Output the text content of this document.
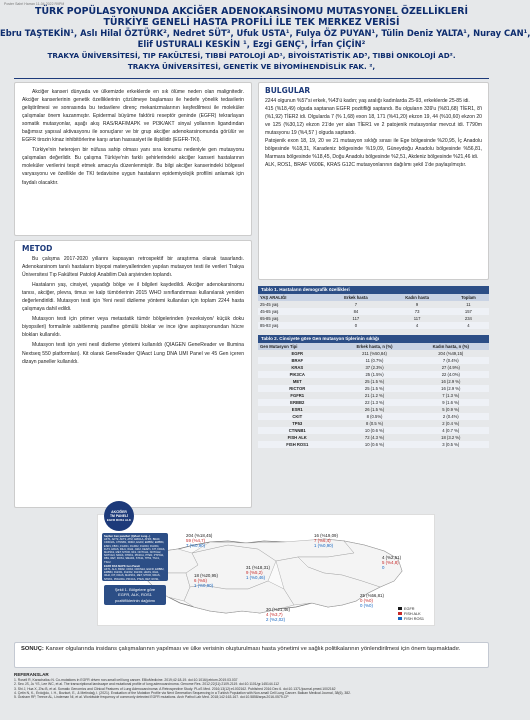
Poster Sabri Harran 11-04-2022 R9PM
TÜRK POPÜLASYONUNDA AKCİĞER ADENOKARSİNOMU MUTASYONEL ÖZELLİKLERİ
TÜRKİYE GENELİ HASTA PROFİLİ İLE TEK MERKEZ VERİSİ
Ebru TAŞTEKİN¹, Aslı Hilal ÖZTÜRK², Nedret SÜT³, Ufuk USTA¹, Fulya ÖZ PUYAN¹, Tülin Deniz YALTA¹, Nuray CAN¹,
Elif USTURALI KESKİN ¹, Ezgi GENÇ¹, İrfan ÇİÇİN²
TRAKYA ÜNİVERSİTESİ, TIP FAKÜLTESİ, TIBBİ PATOLOJİ AD¹, BİYOİSTATİSTİK AD³, TIBBİ ONKOLOJİ AD².
TRAKYA ÜNİVERSİTESİ, GENETİK VE BİYOMİHENDİSLİK FAK. ²,

Akciğer kanseri dünyada ve ülkemizde erkeklerde en sık ölüme neden olan malignitedir. Akciğer kanserlerinin genetik özelliklerinin çözülmeye başlaması ile hedefe yönelik tedavilerin geliştirilmesi ve sonrasında bu tedavilere direnç mekanizmalarının keşfedilmesi ile moleküler çalışmalar önem kazanmıştır. Epidermal büyüme faktörü reseptör geninde (EGFR) tekrarlayan somatik mutasyonlar, aşağı akış RAS/RAF/MAPK ve PI3K/AKT sinyal yollarının ligandından bağımsız yapısal aktivasyonu ile sonuçlanır ve bir grup akciğer adenokarsinomunda görülür ve EGFR tirozin kinaz inhibitörlerine karşı artan hassasiyet ile ilişkilidir (EGFR-TKI).

Türkiye'nin heterojen bir nüfusa sahip olması yanı sıra konumu nedeniyle gen mutasyonu çalışmaları değerlidir. Bu çalışma Türkiye'nin farklı şehirlerindeki akciğer kanseri hastalarının moleküler verilerini tespit etmek amacıyla düzenlenmiştir. Bu bilgi akciğer kanserindeki bölgesel varyasyonu ve özellikle de TKI tedavisine uygun hastaların epidemiyolojik profilini anlamak için faydalı olacaktır.

METOD

Bu çalışma 2017-2020 yıllarını kapsayan retrospektif bir araştırma olarak tasarlandı. Adenokarsinom tanılı hastaların biyopsi materyallerinden yapılan mutasyon testi ile verileri Trakya Üniversitesi Tıp Fakültesi Patoloji Anabilim Dalı arşivinden toplandı.

Hastaların yaş, cinsiyet, yaşadığı bölge ve il bilgileri kaydedildi. Akciğer adenokarsinomu tanısı, akciğer, plevra, timus ve kalp tümörlerinin 2015 WHO sınıflandırması kullanılarak yeniden değerlendirildi. Mutasyon testi için Yeni nesil dizileme yöntemi kullanılan için toplam 2244 hasta çalışmaya dahil edildi.

Mutasyon testi için primer veya metastatik tümör bölgelerinden (rezeksiyon/ küçük doku biyopsileri) formalinle sabitlenmiş parafine gömülü bloklar ve ince iğne aspirasyonundan hücre blokları kullanıldı.

Mutasyon testi için yeni nesil dizileme yöntemi kullanıldı (QIAGEN GeneReader ve Illumina Nextseq 550 platformları). Kit olarak GeneReader QIAact Lung DNA UMI Panel ve 45 Gen içeren dizayn paneller kullanıldı.

BULGULAR

2244 olgunun %57'si erkek, %43'ü kadın; yaş aralığı kadınlarda 25-93, erkeklerde 25-85 idi.

415 (%18,49) olguda saptanan EGFR pozitifliği saptandı. Bu olguların 339'u (%81,68) TİER1, 8'i (%1,92) TİER2 idi. Olgularda 7 (% 1,68) exon 18, 171 (%41,20) ekzon 19, 44 (%10,60) ekzon 20 ve 125 (%30,12) ekzon 21'de yer alan TİER1 ve 2 patojenik mutasyonlar mevcut idi. T790m mutasyonu 19 (%4,57 ) olguda saptandı.

Patojenik exon 18, 19, 20 ve 21 mutasyon sıklığı sırası ile Ege bölgesinde %20,95, İç Anadolu bölgesinde %18,31, Karadeniz bölgesinde %19,09, Güneydoğu Anadolu bölgesinde %56,81, Marmara bölgesinde %18,45, Doğu Anadolu bölgesinde %2,51, Akdeniz bölgesinde %21,46 idi.

ALK, ROS1, BRAF V600E, KRAS G12C mutasyonlarının dağılımı şekil 1'de paylaşılmıştır.

Tablo 1. Hastaların demografik özellikleri
YAŞ ARALIĞI	Erkek hasta	Kadın hasta	Toplam
25-45 yaş	7	9	11
45-65 yaş	84	73	157
65-85 yaş	117	117	234
85-93 yaş	0	4	4
Tablo 2. Cinsiyete göre Gen mutasyon tiplerinin sıklığı
Gen Mutasyon Tipi	Erkek hasta, n (%)	Kadın hasta, n (%)
EGFR	211 (%50,84)	204 (%49,15)
BRAF	11 (0.7%)	7 (0.4%)
KRAS	37 (2.3%)	27 (4.9%)
PIK3CA	25 (1.5%)	22 (4.0%)
MET	25 (1.5 %)	16 (2.9 %)
RICTOR	25 (1.5 %)	16 (2.9 %)
FGFR1	21 (1.2 %)	7 (1.3 %)
ERBB2	22 (1.3 %)	9 (1.6 %)
ESR1	26 (1.5 %)	5 (0.9 %)
CKIT	8 (0.5%)	2 (0.4%)
TP53	8 (0.5 %)	2 (0.4 %)
CTNNB1	10 (0.6 %)	4 (0.7 %)
FISH ALK	72 (4.3 %)	18 (3.2 %)
FISH ROS1	10 (0.6 %)	3 (0.5 %)
AKCİĞER
TM PANELİ
EGFR ROS1 ALK
Seçilen Gen panelleri (QIAact Lung...)
AKT1, AKT2, AKT3, ATM, ARID1A, ATRX, BRAF, CDKN2A, CTNNB1, DDR2, EGFR, ERBB2, ERBB4, ESR1, FBX1, FGFR1, FGFR2, FGFR3, FGFR4, FLT3, HRAS, IDH1, IDH2, JAK2, KEAP1, KIT, KRAS, MAP2K1, MET, MTOR, NF1, NOTCH1, NOTCH2, NOTCH3, NRAS, NTRK1, PIK3CA, PTEN, PTPN11, RB1, RET, ROS1, SMAD4, STK11, TP53, TSC1, TSC2
EGFR RAS MAPK Gen Paneli
AKT1, ALK, BRAF, CDK4, CDKN2A, EGFR, ERBB2, ERBB3, FGFR1, FGFR2, FGFR3, HRAS, IDH1, IDH2, KIT, KRAS, MAP2K1, MET, MTOR, NRAS, NTRK1, PDGFRA, PIK3CA, PTEN, RET, ROS1, SMAD4, STK11, TP53
Şekil 1. Bölgelere göre
EGFR, ALK, ROS1
pozitifliklerinin dağılımı
204 (%18,45)
59 (%4,7)
7 (%0,90)
16 (%19,09)
7 (%6,4)
1 (%0,90)
31 (%18,31)
9 (%5,2)
1 (%0,46)
18 (%20,95)
6 (%5)
1 (%0,90)
4 (%2,51)
5 (%4,8)
0
30 (%21,46)
4 (%3,7)
2 (%2,02)
25 (%56,81)
0 (%0)
0 (%0)
EGFR
FISH ALK
FISH ROS1

SONUÇ: Kanser olgularında insidans çalışmalarının yapılması ve ülke verisinin oluşturulması hasta yönetimi ve sağlık politikalarının yönlendirilmesi için önem taşımaktadır.

REFERANSLAR
1. Rosell R, Karachaliou N. Co-mutations in EGFR driven non-small cell lung cancer. EBioMedicine. 2019;42:18-19. doi:10.1016/j.ebiom.2019.03.037
2. Seo JS, Ju YS, Lee WC, et al. The transcriptional landscape and mutational profile of lung adenocarcinoma. Genome Res. 2012;22(11):2109-2119. doi:10.1101/gr.145144.112
3. Shi J, Hua X, Zhu B, et al. Somatic Genomics and Clinical Features of Lung Adenocarcinoma: A Retrospective Study. PLoS Med. 2016;13(12):e1002162. Published 2016 Dec 6. doi:10.1371/journal.pmed.1002162
4. Çetin N, K., Erdoğdu, I. H., Bozkurt, E., & Metindağ, I. (2021). Evaluation of the Mutation Profile via Next Generation Sequencing in a Turkish Population with Non-small Cell Lung Cancer. Balkan Medical Journal, 38(6), 382.
5. Graham RP, Treece AL, Lindeman NI, et al. Worldwide frequency of commonly detected EGFR mutations. Arch Pathol Lab Med. 2018;142:163-167. doi:10.5858/arpa.2016-0579-CP
